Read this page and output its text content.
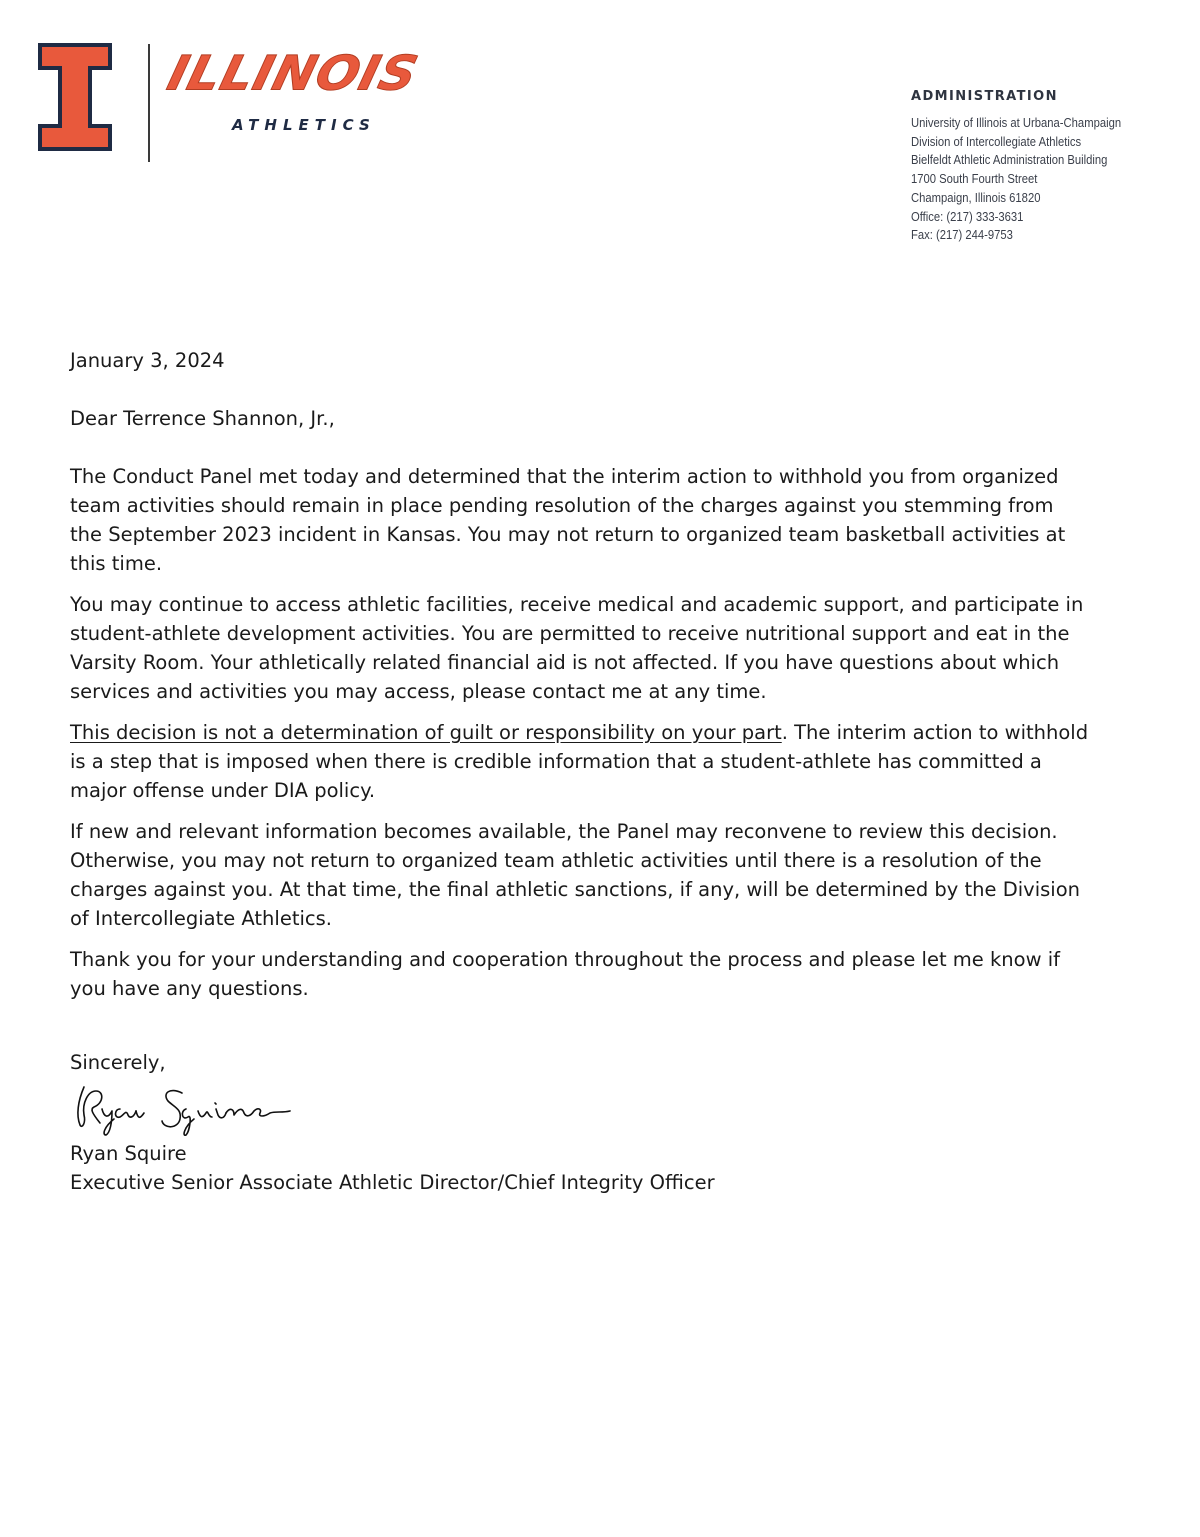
ILLINOIS
ATHLETICS
ADMINISTRATION
University of Illinois at Urbana-Champaign
Division of Intercollegiate Athletics
Bielfeldt Athletic Administration Building
1700 South Fourth Street
Champaign, Illinois 61820
Office: (217) 333-3631
Fax: (217) 244-9753

January 3, 2024

Dear Terrence Shannon, Jr.,

The Conduct Panel met today and determined that the interim action to withhold you from organized team activities should remain in place pending resolution of the charges against you stemming from the September 2023 incident in Kansas. You may not return to organized team basketball activities at this time.

You may continue to access athletic facilities, receive medical and academic support, and participate in student-athlete development activities. You are permitted to receive nutritional support and eat in the Varsity Room. Your athletically related financial aid is not affected. If you have questions about which services and activities you may access, please contact me at any time.

This decision is not a determination of guilt or responsibility on your part. The interim action to withhold is a step that is imposed when there is credible information that a student-athlete has committed a major offense under DIA policy.

If new and relevant information becomes available, the Panel may reconvene to review this decision. Otherwise, you may not return to organized team athletic activities until there is a resolution of the charges against you. At that time, the final athletic sanctions, if any, will be determined by the Division of Intercollegiate Athletics.

Thank you for your understanding and cooperation throughout the process and please let me know if you have any questions.

Sincerely,

Ryan Squire

Executive Senior Associate Athletic Director/Chief Integrity Officer
